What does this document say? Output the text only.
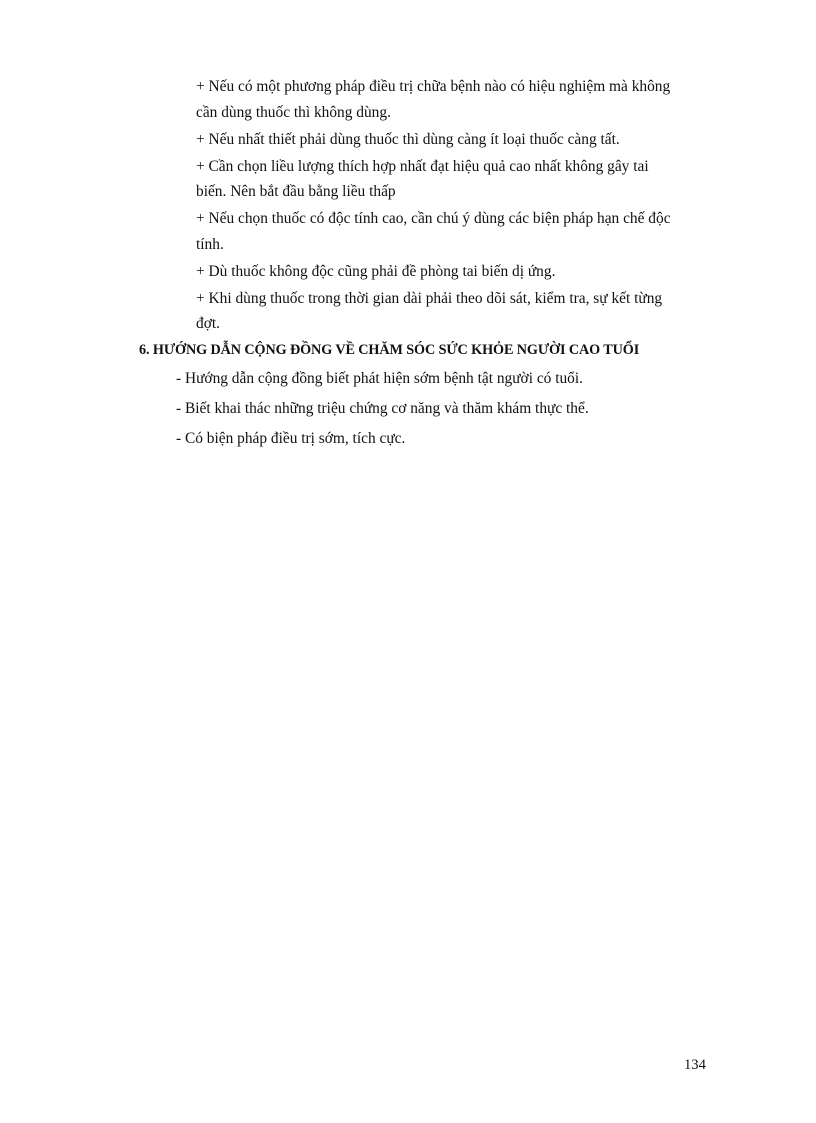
+ Nếu có một phương pháp điều trị chữa bệnh nào có hiệu nghiệm mà không
cần dùng thuốc thì không dùng.
+ Nếu nhất thiết phải dùng thuốc thì dùng càng ít loại thuốc càng tất.
+ Cần chọn liều lượng thích hợp nhất đạt hiệu quả cao nhất không gây tai
biến. Nên bắt đầu bằng liều thấp
+ Nếu chọn thuốc có độc tính cao, cần chú ý dùng các biện pháp hạn chế độc
tính.
+ Dù thuốc không độc cũng phải đề phòng tai biến dị ứng.
+ Khi dùng thuốc trong thời gian dài phải theo dõi sát, kiểm tra, sự kết từng
đợt.
6. HƯỚNG DẪN CỘNG ĐỒNG VỀ CHĂM SÓC SỨC KHỎE NGƯỜI CAO TUỔI
- Hướng dẫn cộng đồng biết phát hiện sớm bệnh tật người có tuổi.
- Biết khai thác những triệu chứng cơ năng và thăm khám thực thể.
- Có biện pháp điều trị sớm, tích cực.

134
